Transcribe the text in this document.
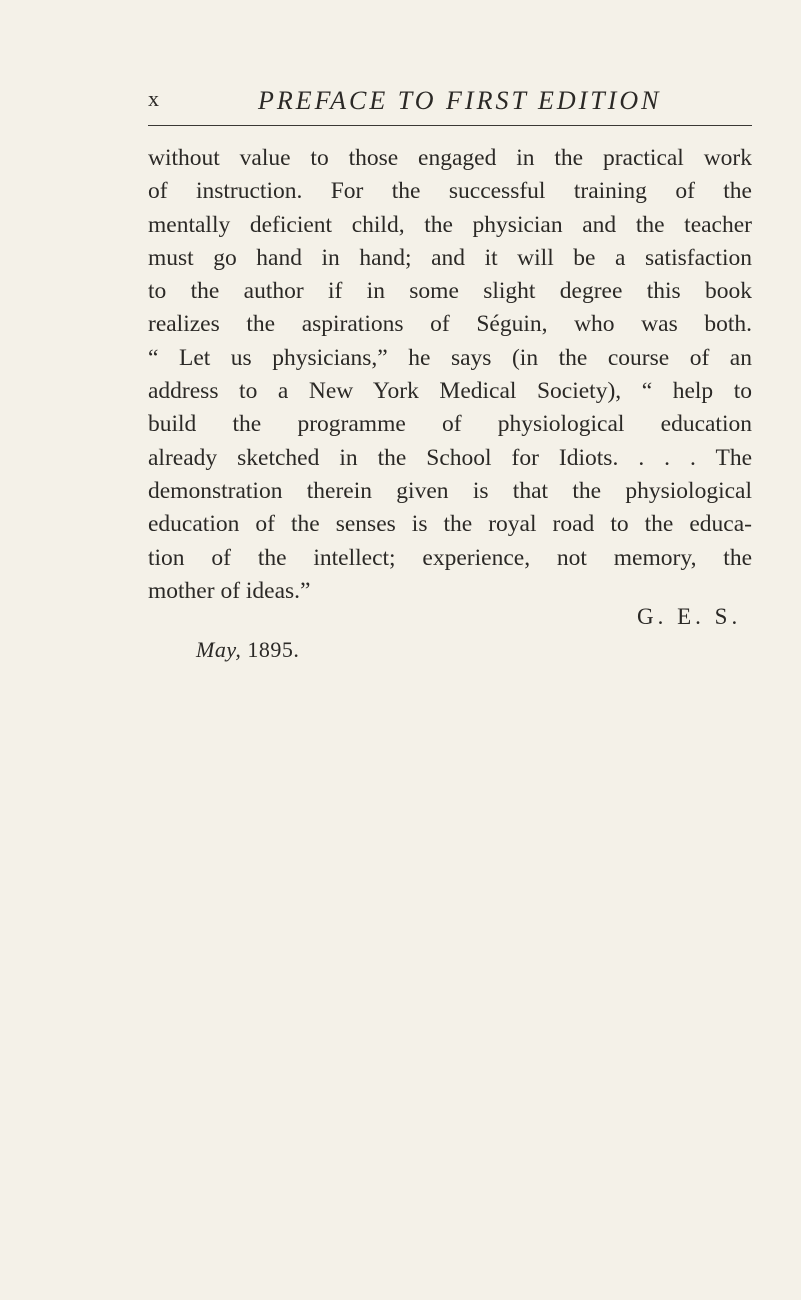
x	PREFACE TO FIRST EDITION

without value to those engaged in the practical work
of instruction. For the successful training of the
mentally deficient child, the physician and the teacher
must go hand in hand; and it will be a satisfaction
to the author if in some slight degree this book
realizes the aspirations of Séguin, who was both.
“ Let us physicians,” he says (in the course of an
address to a New York Medical Society), “ help to
build the programme of physiological education
already sketched in the School for Idiots. . . . The
demonstration therein given is that the physiological
education of the senses is the royal road to the educa-
tion of the intellect; experience, not memory, the
mother of ideas.”

G. E. S.
May, 1895.
